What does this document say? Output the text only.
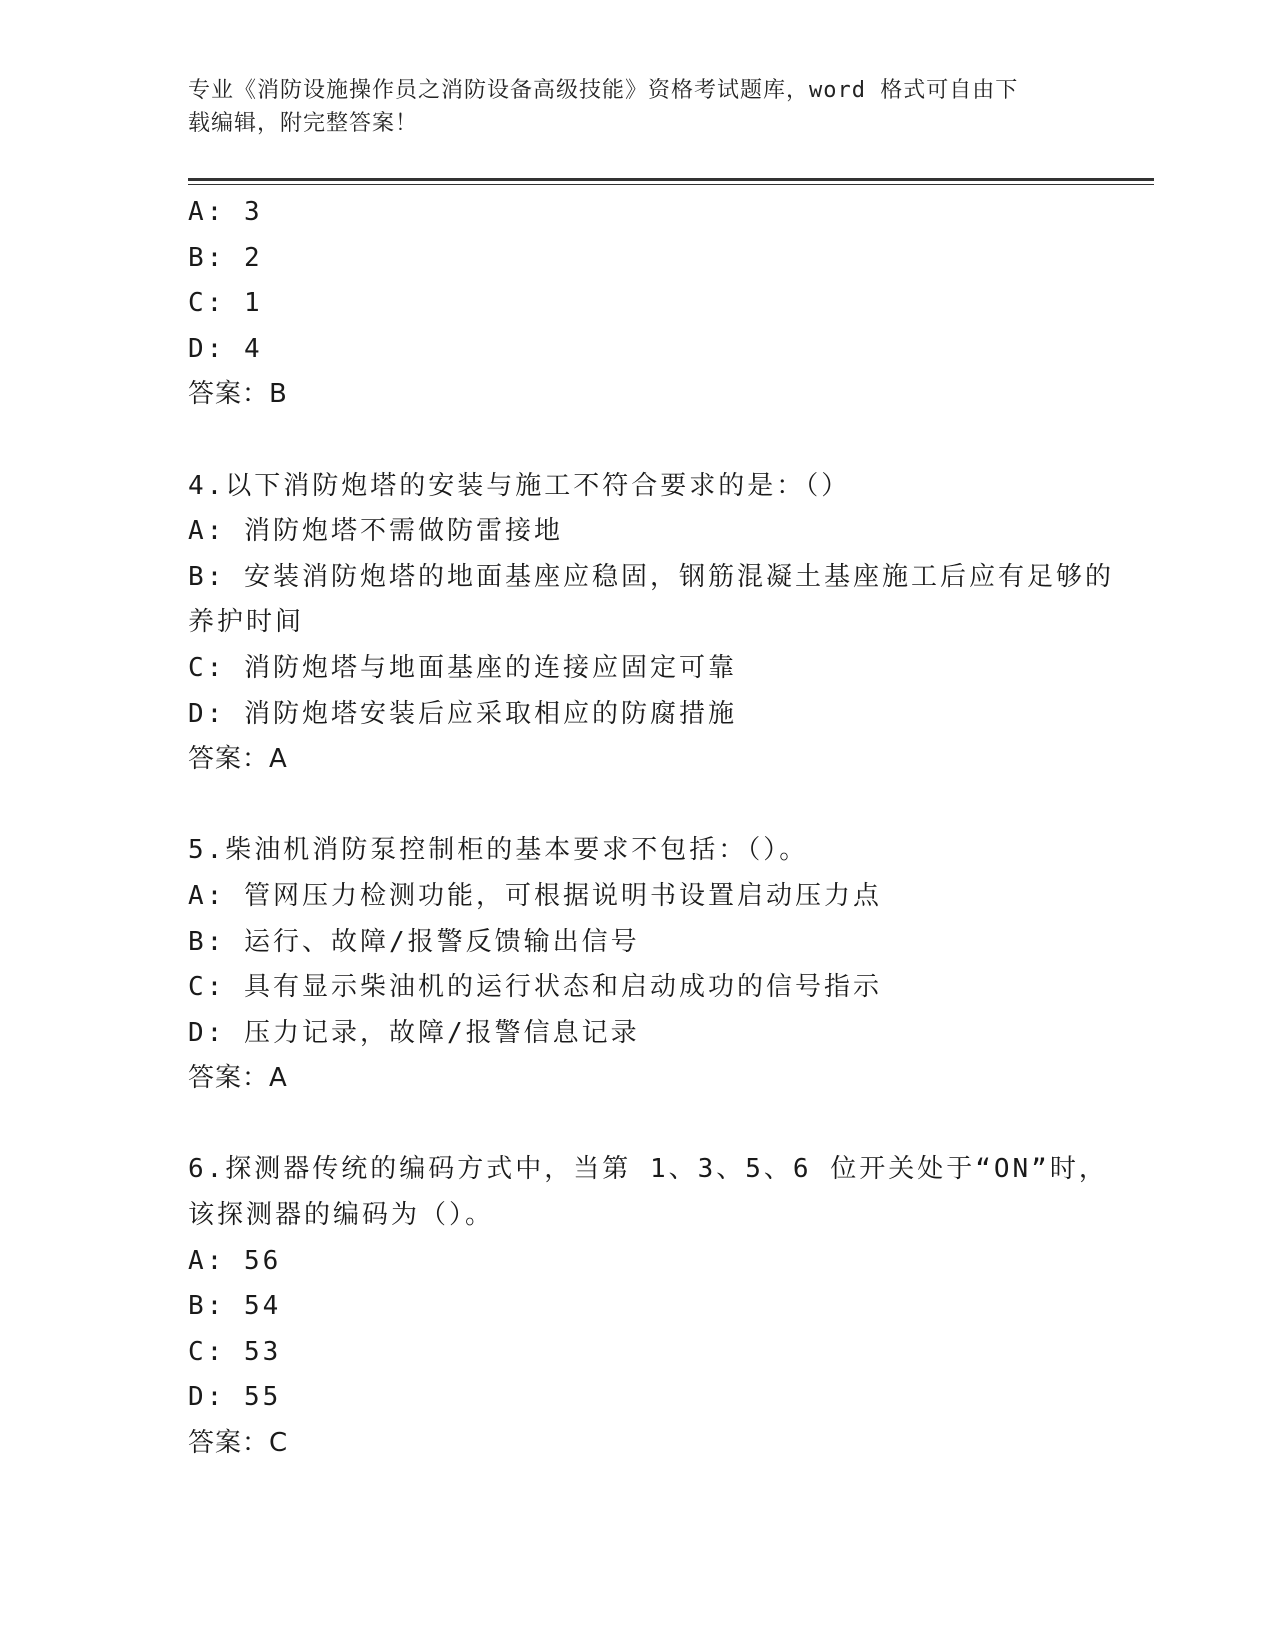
专业《消防设施操作员之消防设备高级技能》资格考试题库，word 格式可自由下
载编辑，附完整答案！
A: 3
B: 2
C: 1
D: 4
答案：B
4.以下消防炮塔的安装与施工不符合要求的是：（）
A: 消防炮塔不需做防雷接地
B: 安装消防炮塔的地面基座应稳固，钢筋混凝土基座施工后应有足够的养护时间
C: 消防炮塔与地面基座的连接应固定可靠
D: 消防炮塔安装后应采取相应的防腐措施
答案：A
5.柴油机消防泵控制柜的基本要求不包括：（）。
A: 管网压力检测功能，可根据说明书设置启动压力点
B: 运行、故障/报警反馈输出信号
C: 具有显示柴油机的运行状态和启动成功的信号指示
D: 压力记录，故障/报警信息记录
答案：A
6.探测器传统的编码方式中，当第 1、3、5、6 位开关处于“ON”时，该探测器的编码为（）。
A: 56
B: 54
C: 53
D: 55
答案：C
